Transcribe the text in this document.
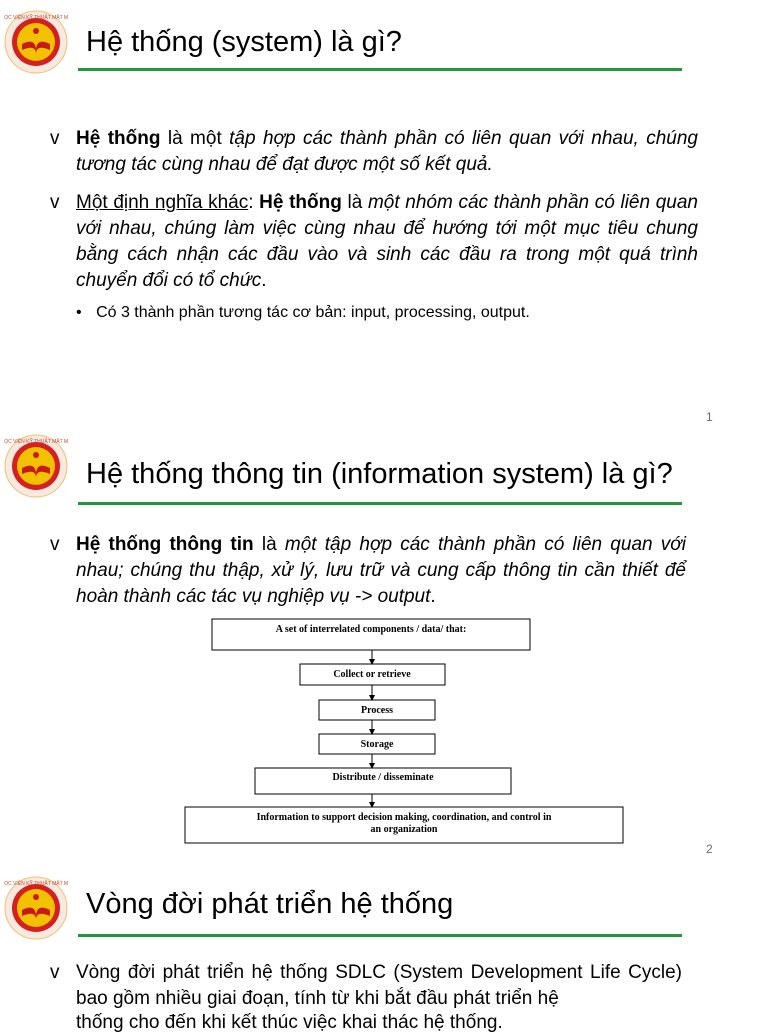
Hệ thống (system) là gì?
v Hệ thống là một tập hợp các thành phần có liên quan với nhau, chúng tương tác cùng nhau để đạt được một số kết quả.
v Một định nghĩa khác: Hệ thống là một nhóm các thành phần có liên quan với nhau, chúng làm việc cùng nhau để hướng tới một mục tiêu chung bằng cách nhận các đầu vào và sinh các đầu ra trong một quá trình chuyển đổi có tổ chức.
• Có 3 thành phần tương tác cơ bản: input, processing, output.
1
Hệ thống thông tin (information system) là gì?
v Hệ thống thông tin là một tập hợp các thành phần có liên quan với nhau; chúng thu thập, xử lý, lưu trữ và cung cấp thông tin cần thiết để hoàn thành các tác vụ nghiệp vụ -> output.
2
A set of interrelated components / data/ that:
Collect or retrieve
Process
Storage
Distribute / disseminate
Information to support decision making, coordination, and control in
an organization
Vòng đời phát triển hệ thống
v Vòng đời phát triển hệ thống SDLC (System Development Life Cycle) bao gồm nhiều giai đoạn, tính từ khi bắt đầu phát triển hệ
thống cho đến khi kết thúc việc khai thác hệ thống.
